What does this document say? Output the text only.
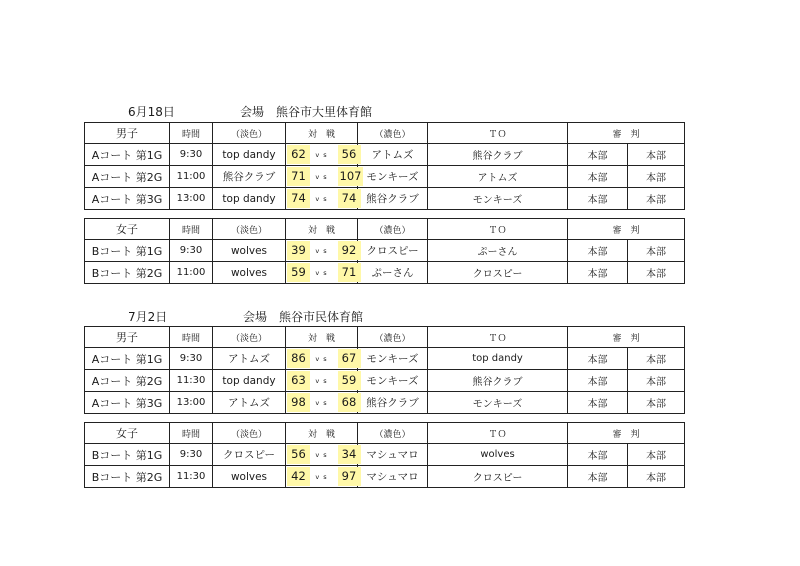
6月18日	会場　熊谷市大里体育館
男子	時間	（淡色）	対　戦			（濃色）	ＴＯ	審　判	
Aコート 第1G	9:30	top dandy	62	v s	56	アトムズ	熊谷クラブ	本部	本部
Aコート 第2G	11:00	熊谷クラブ	71	v s	107	モンキーズ	アトムズ	本部	本部
Aコート 第3G	13:00	top dandy	74	v s	74	熊谷クラブ	モンキーズ	本部	本部
女子	時間	（淡色）	対　戦			（濃色）	ＴＯ	審　判	
Bコート 第1G	9:30	wolves	39	v s	92	クロスピー	ぷーさん	本部	本部
Bコート 第2G	11:00	wolves	59	v s	71	ぷーさん	クロスピー	本部	本部
7月2日	会場　熊谷市民体育館
男子	時間	（淡色）	対　戦			（濃色）	ＴＯ	審　判	
Aコート 第1G	9:30	アトムズ	86	v s	67	モンキーズ	top dandy	本部	本部
Aコート 第2G	11:30	top dandy	63	v s	59	モンキーズ	熊谷クラブ	本部	本部
Aコート 第3G	13:00	アトムズ	98	v s	68	熊谷クラブ	モンキーズ	本部	本部
女子	時間	（淡色）	対　戦			（濃色）	ＴＯ	審　判	
Bコート 第1G	9:30	クロスピー	56	v s	34	マシュマロ	wolves	本部	本部
Bコート 第2G	11:30	wolves	42	v s	97	マシュマロ	クロスピー	本部	本部
